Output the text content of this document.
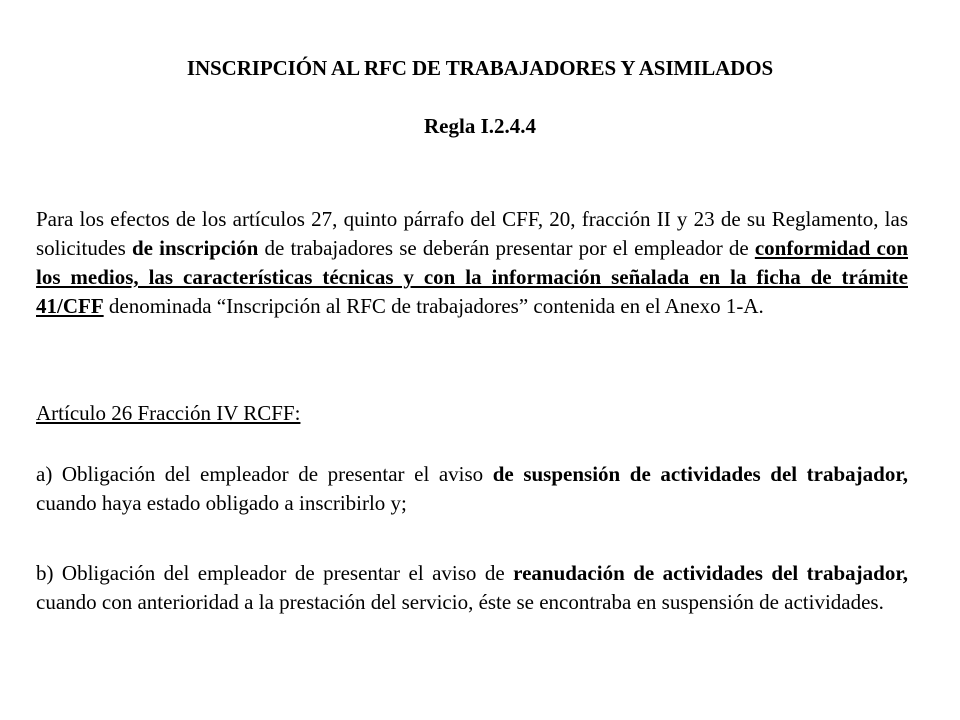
INSCRIPCIÓN AL RFC DE TRABAJADORES Y ASIMILADOS
Regla I.2.4.4
Para los efectos de los artículos 27, quinto párrafo del CFF, 20, fracción II y 23 de su Reglamento, las solicitudes de inscripción de trabajadores se deberán presentar por el empleador de conformidad con los medios, las características técnicas y con la información señalada en la ficha de trámite 41/CFF denominada “Inscripción al RFC de trabajadores” contenida en el Anexo 1-A.
Artículo 26 Fracción IV RCFF:
a) Obligación del empleador de presentar el aviso de suspensión de actividades del trabajador, cuando haya estado obligado a inscribirlo y;
b) Obligación del empleador de presentar el aviso de reanudación de actividades del trabajador, cuando con anterioridad a la prestación del servicio, éste se encontraba en suspensión de actividades.
